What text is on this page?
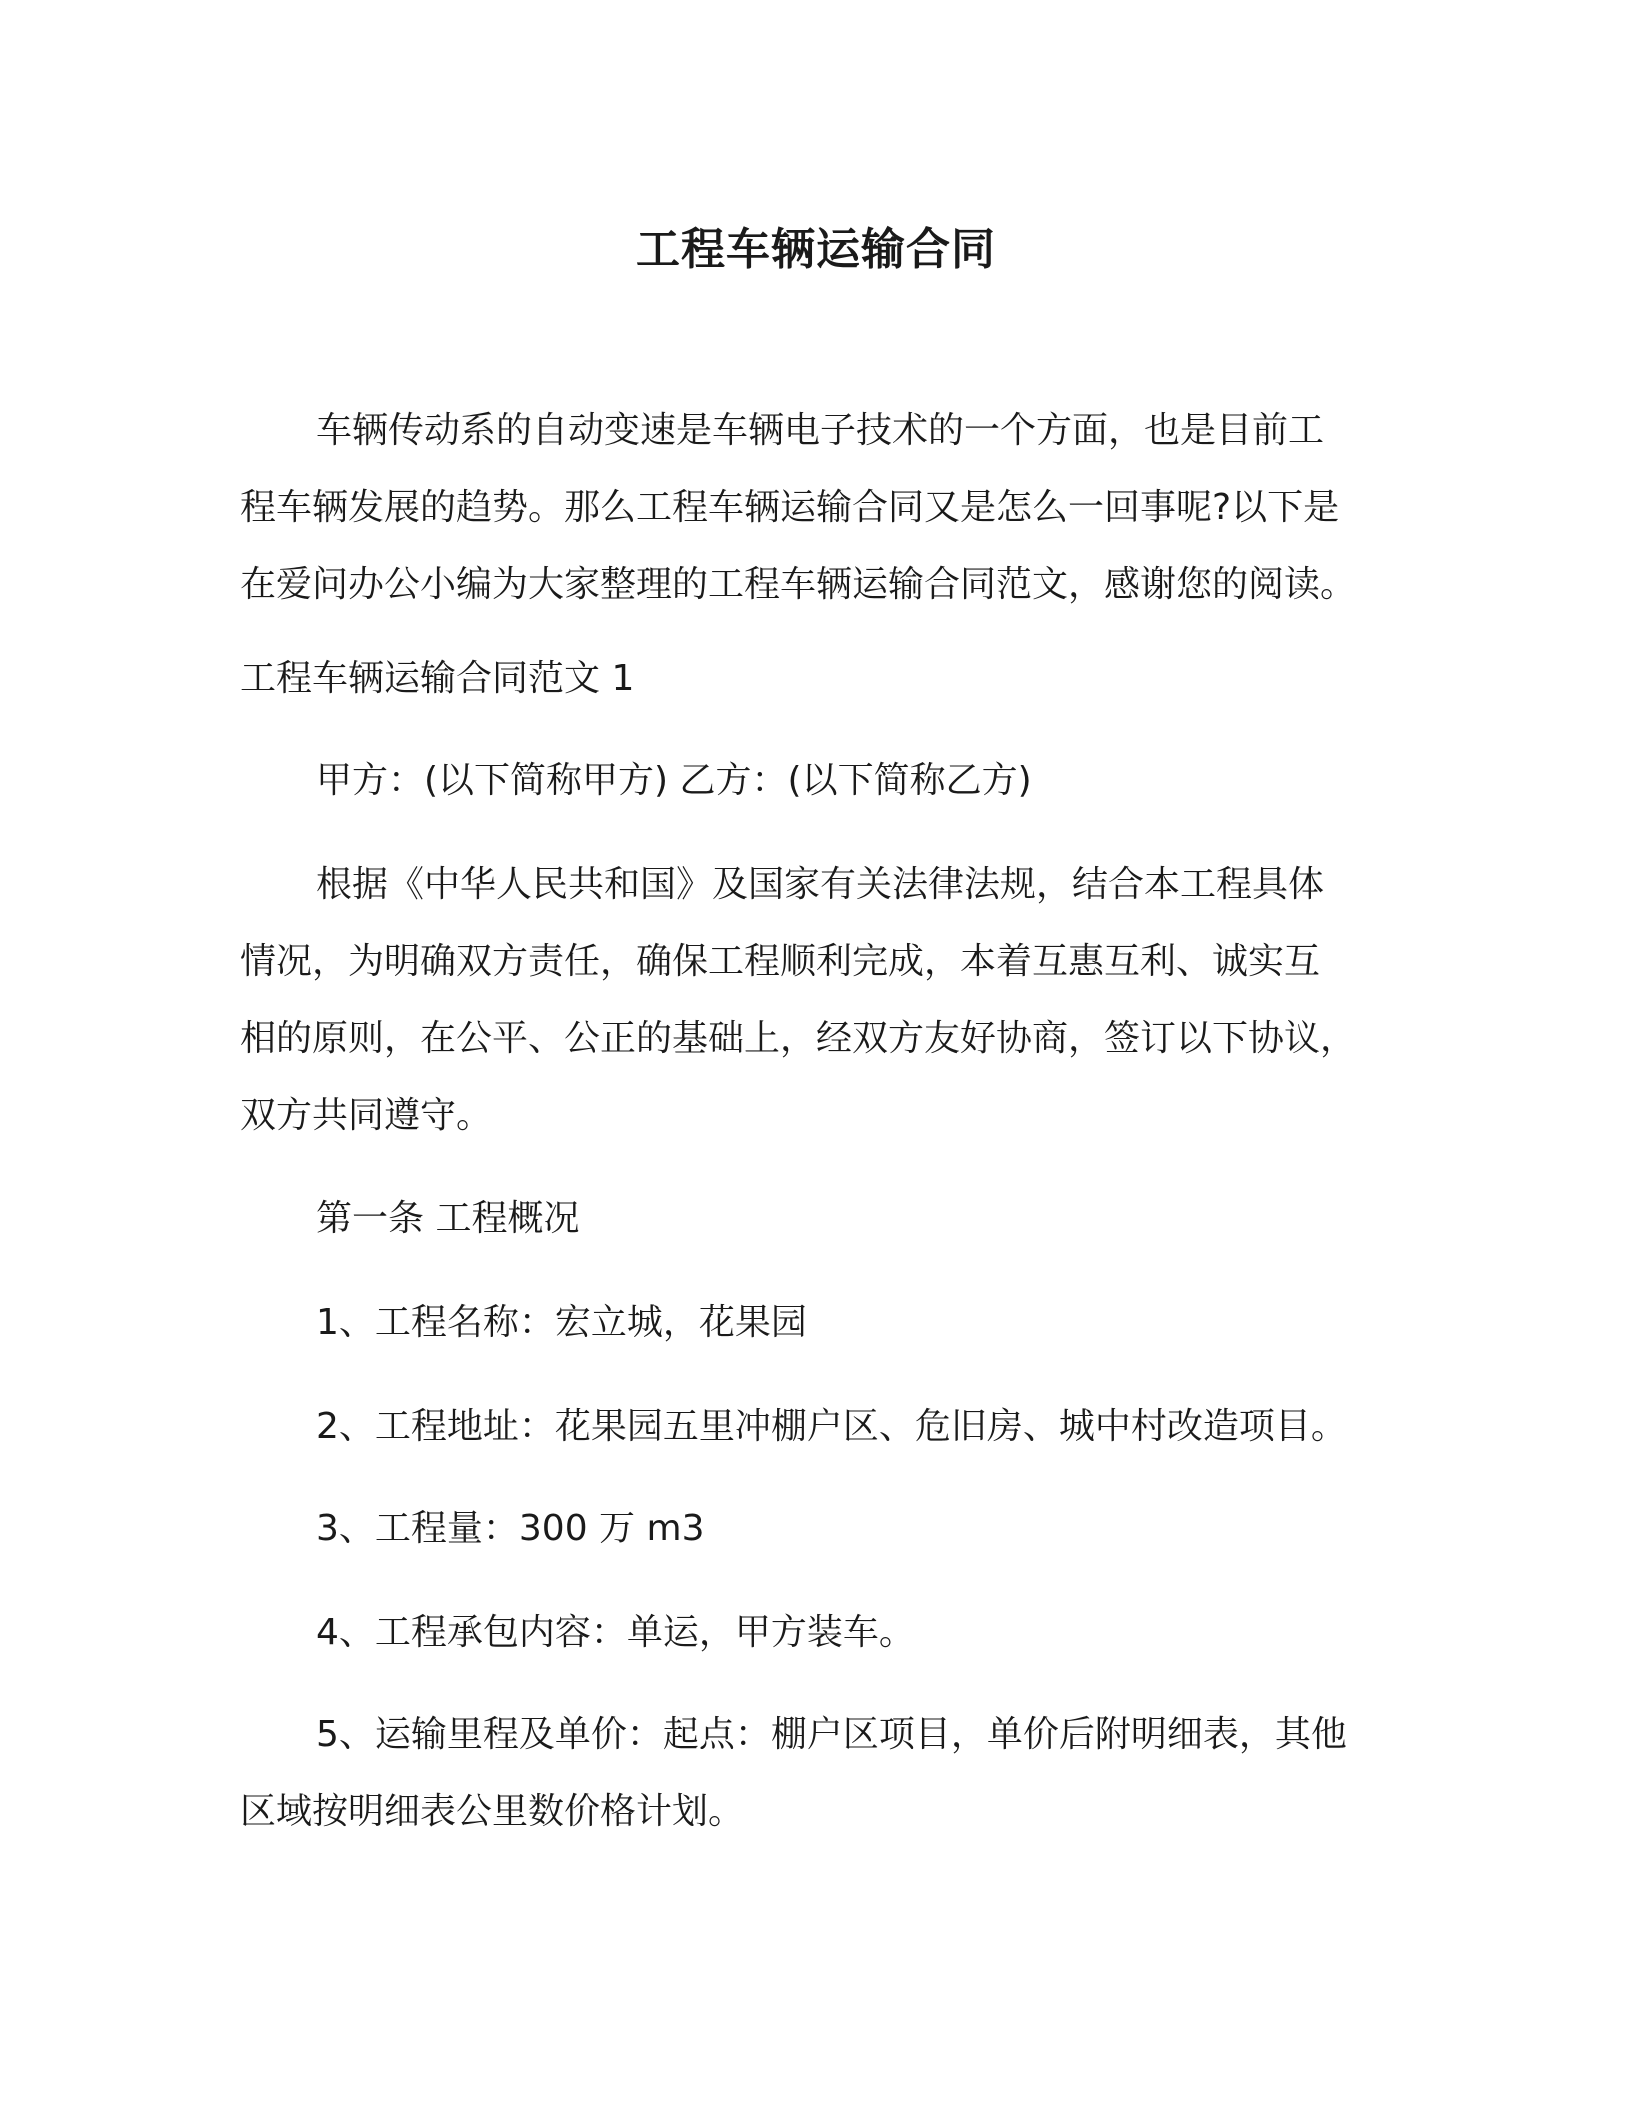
工程车辆运输合同
车辆传动系的自动变速是车辆电子技术的一个方面，也是目前工
程车辆发展的趋势。那么工程车辆运输合同又是怎么一回事呢?以下是
在爱问办公小编为大家整理的工程车辆运输合同范文，感谢您的阅读。
工程车辆运输合同范文 1
甲方：(以下简称甲方) 乙方：(以下简称乙方)
根据《中华人民共和国》及国家有关法律法规，结合本工程具体
情况，为明确双方责任，确保工程顺利完成，本着互惠互利、诚实互
相的原则，在公平、公正的基础上，经双方友好协商，签订以下协议，
双方共同遵守。
第一条 工程概况
1、工程名称：宏立城，花果园
2、工程地址：花果园五里冲棚户区、危旧房、城中村改造项目。
3、工程量：300 万 m3
4、工程承包内容：单运，甲方装车。
5、运输里程及单价：起点：棚户区项目，单价后附明细表，其他
区域按明细表公里数价格计划。
